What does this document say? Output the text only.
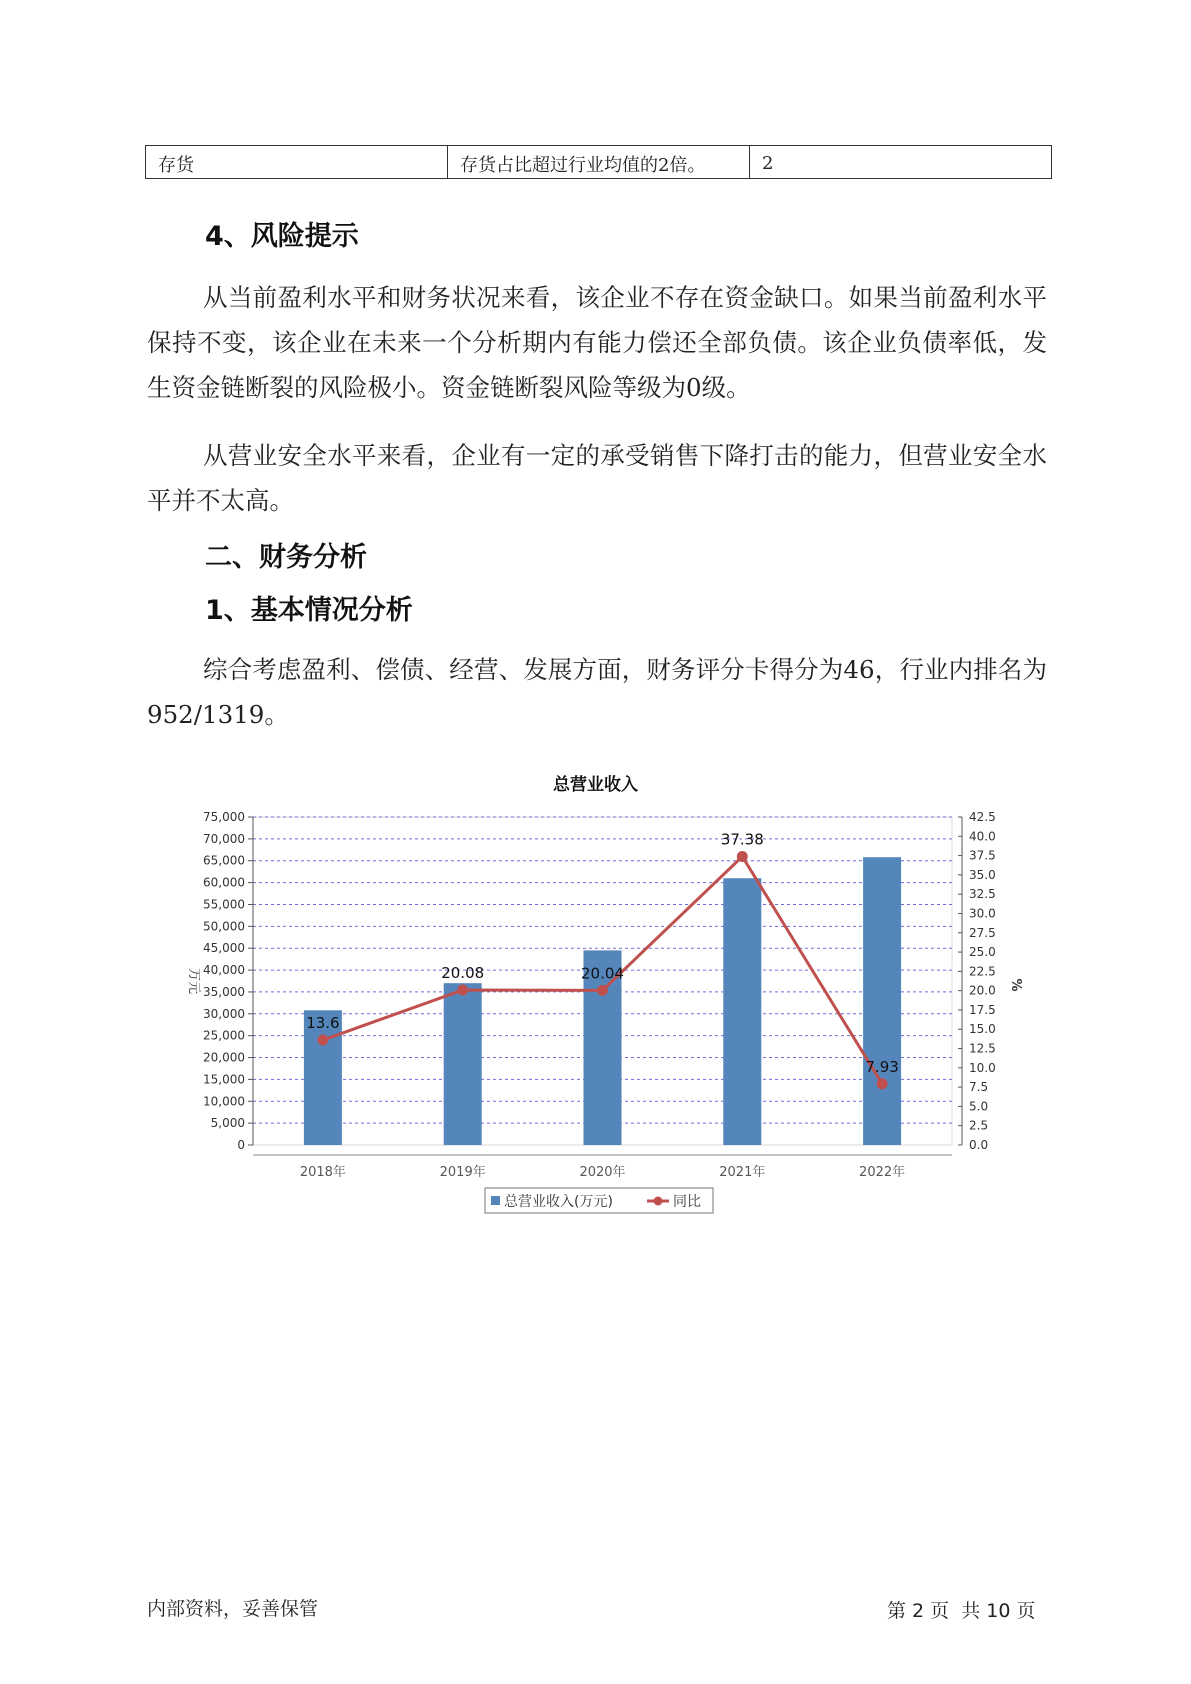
存货	存货占比超过行业均值的2倍。	2
4、风险提示

从当前盈利水平和财务状况来看，该企业不存在资金缺口。如果当前盈利水平保持不变，该企业在未来一个分析期内有能力偿还全部负债。该企业负债率低，发生资金链断裂的风险极小。资金链断裂风险等级为0级。

从营业安全水平来看，企业有一定的承受销售下降打击的能力，但营业安全水平并不太高。

二、财务分析
1、基本情况分析

综合考虑盈利、偿债、经营、发展方面，财务评分卡得分为46，行业内排名为952/1319。

总营业收入
0
5,000
10,000
15,000
20,000
25,000
30,000
35,000
40,000
45,000
50,000
55,000
60,000
65,000
70,000
75,000
0.0
2.5
5.0
7.5
10.0
12.5
15.0
17.5
20.0
22.5
25.0
27.5
30.0
32.5
35.0
37.5
40.0
42.5
万元	%
2018年	2019年	2020年	2021年	2022年
13.6
20.08	20.04
37.38
7.93
总营业收入(万元)	同比
内部资料，妥善保管	第 2 页  共 10 页
